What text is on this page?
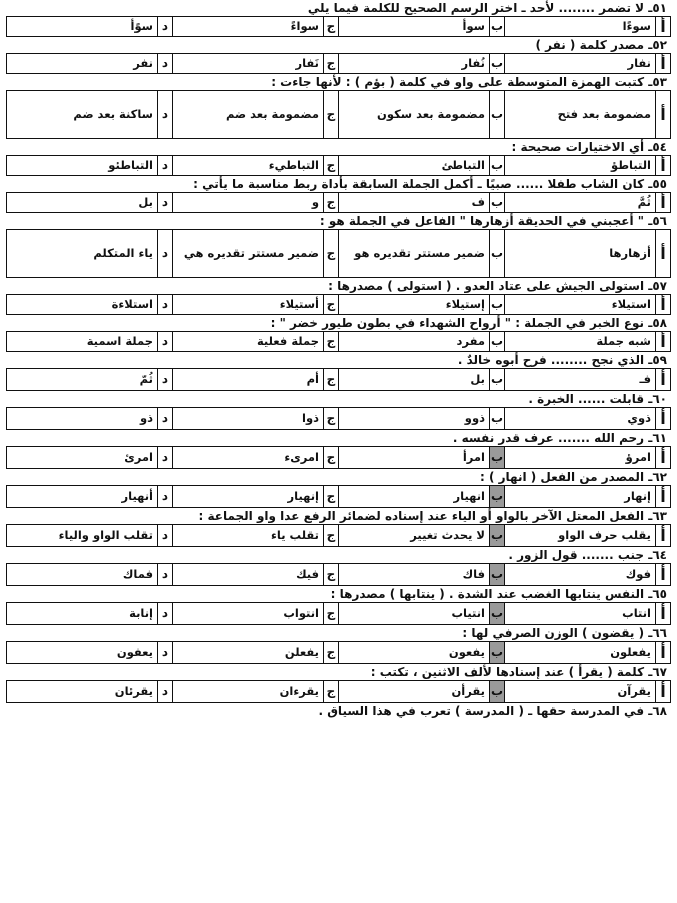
٥١ـ لا تضمر ........ لأحد ـ اختر الرسم الصحيح للكلمة فيما يلي
أ	سوءًا	ب	سوأ	ج	سواءً	د	سوًأ
٥٢ـ مصدر كلمة ( نفر )
أ	نفار	ب	نُفار	ج	نَفار	د	نفر
٥٣ـ كتبت الهمزة المتوسطة على واو في كلمة ( بؤم ) : لأنها جاءت :
أ	مضمومة بعد فتح	ب	مضمومة بعد سكون	ج	مضمومة بعد ضم	د	ساكنة بعد ضم
٥٤ـ أي الاختيارات صحيحة :
أ	التباطؤ	ب	التباطئ	ج	التباطيء	د	التباطئو
٥٥ـ كان الشاب طفلا ...... صبيًا ـ أكمل الجملة السابقة بأداة ربط مناسبة ما يأتي :
أ	ثُمَّ	ب	ف	ج	و	د	بل
٥٦ـ " أعجبني في الحديقة أزهارها " الفاعل في الجملة هو :
أ	أزهارها	ب	ضمير مستتر تقديره هو	ج	ضمير مستتر تقديره هي	د	ياء المتكلم
٥٧ـ استولى الجيش على عتاد العدو . ( استولى ) مصدرها :
أ	استيلاء	ب	إستيلاء	ج	أستيلاء	د	استلاءة
٥٨ـ نوع الخبر في الجملة : " أرواح الشهداء في بطون طيور خضر " :
أ	شبه جملة	ب	مفرد	ج	جملة فعلية	د	جملة اسمية
٥٩ـ الذي نجح ........ فرح أبوه خالدٌ .
أ	فـ	ب	بل	ج	أم	د	ثُمّ
٦٠ـ قابلت ...... الخبرة .
أ	ذوي	ب	ذوو	ج	ذوا	د	ذو
٦١ـ رحم الله ....... عرف قدر نفسه .
أ	امرؤ	ب	امرأ	ج	امرىء	د	امرئ
٦٢ـ المصدر من الفعل ( انهار ) :
أ	إنهار	ب	انهيار	ج	إنهيار	د	أنهيار
٦٣ـ الفعل المعتل الآخر بالواو أو الياء عند إسناده لضمائر الرفع عدا واو الجماعة :
أ	يقلب حرف الواو	ب	لا يحدث تغيير	ج	تقلب ياء	د	تقلب الواو والياء
٦٤ـ جنب ....... قول الزور .
أ	فوك	ب	فاك	ج	فيك	د	فماك
٦٥ـ النفس ينتابها الغضب عند الشدة . ( ينتابها ) مصدرها :
أ	انتاب	ب	انتياب	ج	انتواب	د	إنابة
٦٦ـ ( يقضون ) الوزن الصرفي لها :
أ	يفعلون	ب	يفعون	ج	يفعلن	د	يعفون
٦٧ـ كلمة ( يقرأ ) عند إسنادها لألف الاثنين ، تكتب :
أ	يقرآن	ب	يقرأن	ج	يقرءان	د	يقرئان
٦٨ـ في المدرسة حقها ـ ( المدرسة ) تعرب في هذا السياق .
